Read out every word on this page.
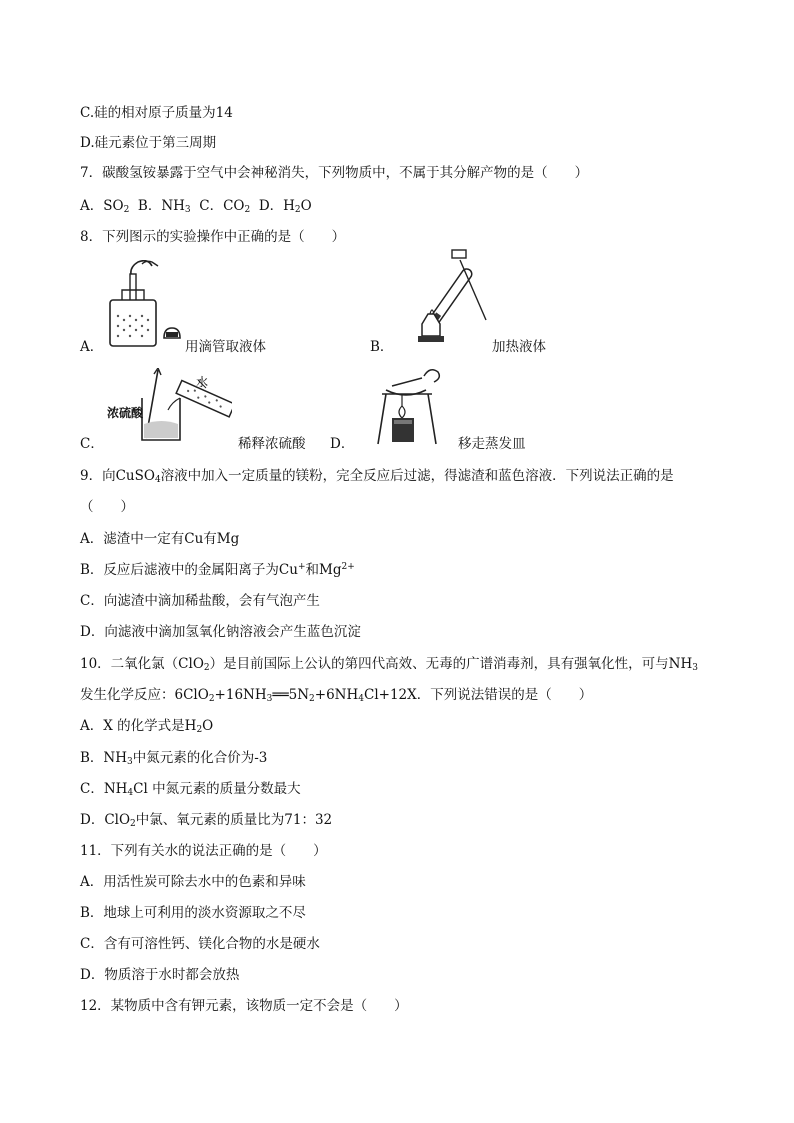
C.硅的相对原子质量为14
D.硅元素位于第三周期
7．碳酸氢铵暴露于空气中会神秘消失，下列物质中，不属于其分解产物的是（　　）
A．$SO_2$ B．$NH_3$ C．$CO_2$ D．$H_2O$
8．下列图示的实验操作中正确的是（　　）
A．	用滴管取液体	B．	加热液体
C．
浓硫酸
水
稀释浓硫酸 D．	移走蒸发皿
9．向CuSO$_4$溶液中加入一定质量的镁粉，完全反应后过滤，得滤渣和蓝色溶液．下列说法正确的是
（　　）
A．滤渣中一定有Cu有Mg
B．反应后滤液中的金属阳离子为Cu+和$Mg^{2+}$
C．向滤渣中滴加稀盐酸，会有气泡产生
D．向滤液中滴加氢氧化钠溶液会产生蓝色沉淀
10．二氧化氯（ClO$_2$）是目前国际上公认的第四代高效、无毒的广谱消毒剂，具有强氧化性，可与$NH_3$
发生化学反应：$6ClO_2+16NH_3══5N_2+6NH_4Cl+12X$．下列说法错误的是（　　）
A．X 的化学式是$H_2O$
B．$NH_3$中氮元素的化合价为-3
C．$NH_4Cl$ 中氮元素的质量分数最大
D．ClO$_2$中氯、氧元素的质量比为71：32
11．下列有关水的说法正确的是（　　）
A．用活性炭可除去水中的色素和异味
B．地球上可利用的淡水资源取之不尽
C．含有可溶性钙、镁化合物的水是硬水
D．物质溶于水时都会放热
12．某物质中含有钾元素，该物质一定不会是（　　）
